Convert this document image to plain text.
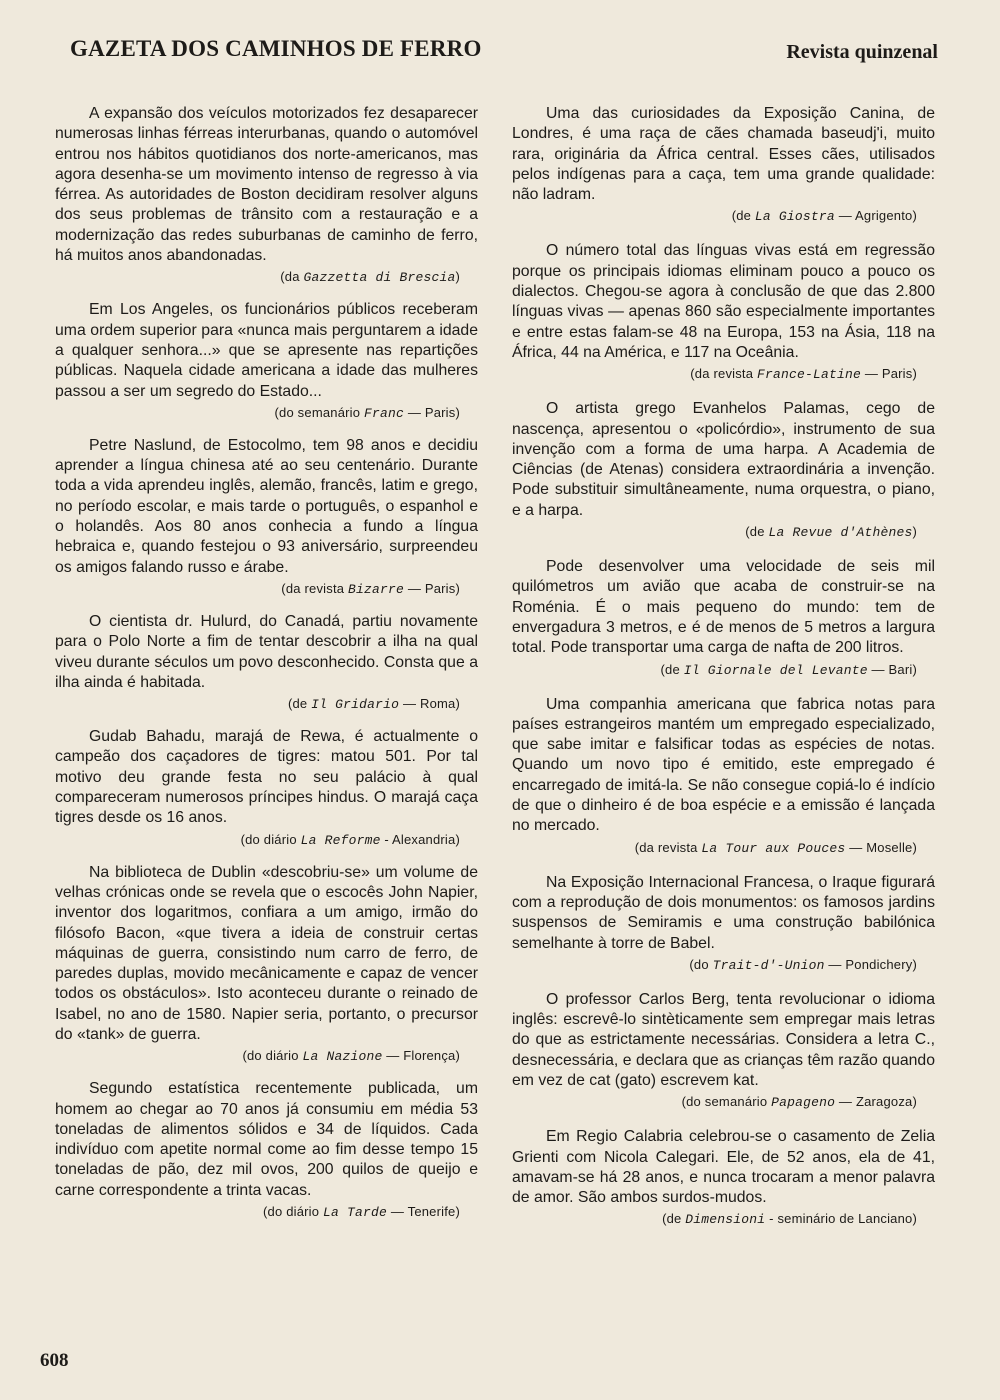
GAZETA DOS CAMINHOS DE FERRO	Revista quinzenal

A expansão dos veículos motorizados fez desaparecer numerosas linhas férreas interurbanas, quando o automóvel entrou nos hábitos quotidianos dos norte-americanos, mas agora desenha-se um movimento intenso de regresso à via férrea. As autoridades de Boston decidiram resolver alguns dos seus problemas de trânsito com a restauração e a modernização das redes suburbanas de caminho de ferro, há muitos anos abandonadas.

(da Gazzetta di Brescia)

Em Los Angeles, os funcionários públicos receberam uma ordem superior para «nunca mais perguntarem a idade a qualquer senhora...» que se apresente nas repartições públicas. Naquela cidade americana a idade das mulheres passou a ser um segredo do Estado...

(do semanário Franc — Paris)

Petre Naslund, de Estocolmo, tem 98 anos e decidiu aprender a língua chinesa até ao seu centenário. Durante toda a vida aprendeu inglês, alemão, francês, latim e grego, no período escolar, e mais tarde o português, o espanhol e o holandês. Aos 80 anos conhecia a fundo a língua hebraica e, quando festejou o 93 aniversário, surpreendeu os amigos falando russo e árabe.

(da revista Bizarre — Paris)

O cientista dr. Hulurd, do Canadá, partiu novamente para o Polo Norte a fim de tentar descobrir a ilha na qual viveu durante séculos um povo desconhecido. Consta que a ilha ainda é habitada.

(de Il Gridario — Roma)

Gudab Bahadu, marajá de Rewa, é actualmente o campeão dos caçadores de tigres: matou 501. Por tal motivo deu grande festa no seu palácio à qual compareceram numerosos príncipes hindus. O marajá caça tigres desde os 16 anos.

(do diário La Reforme - Alexandria)

Na biblioteca de Dublin «descobriu-se» um volume de velhas crónicas onde se revela que o escocês John Napier, inventor dos logaritmos, confiara a um amigo, irmão do filósofo Bacon, «que tivera a ideia de construir certas máquinas de guerra, consistindo num carro de ferro, de paredes duplas, movido mecânicamente e capaz de vencer todos os obstáculos». Isto aconteceu durante o reinado de Isabel, no ano de 1580. Napier seria, portanto, o precursor do «tank» de guerra.

(do diário La Nazione — Florença)

Segundo estatística recentemente publicada, um homem ao chegar ao 70 anos já consumiu em média 53 toneladas de alimentos sólidos e 34 de líquidos. Cada indivíduo com apetite normal come ao fim desse tempo 15 toneladas de pão, dez mil ovos, 200 quilos de queijo e carne correspondente a trinta vacas.

(do diário La Tarde — Tenerife)

Uma das curiosidades da Exposição Canina, de Londres, é uma raça de cães chamada baseudj'i, muito rara, originária da África central. Esses cães, utilisados pelos indígenas para a caça, tem uma grande qualidade: não ladram.

(de La Giostra — Agrigento)

O número total das línguas vivas está em regressão porque os principais idiomas eliminam pouco a pouco os dialectos. Chegou-se agora à conclusão de que das 2.800 línguas vivas — apenas 860 são especialmente importantes e entre estas falam-se 48 na Europa, 153 na Ásia, 118 na África, 44 na América, e 117 na Oceânia.

(da revista France-Latine — Paris)

O artista grego Evanhelos Palamas, cego de nascença, apresentou o «policórdio», instrumento de sua invenção com a forma de uma harpa. A Academia de Ciências (de Atenas) considera extraordinária a invenção. Pode substituir simultâneamente, numa orquestra, o piano, e a harpa.

(de La Revue d'Athènes)

Pode desenvolver uma velocidade de seis mil quilómetros um avião que acaba de construir-se na Roménia. É o mais pequeno do mundo: tem de envergadura 3 metros, e é de menos de 5 metros a largura total. Pode transportar uma carga de nafta de 200 litros.

(de Il Giornale del Levante — Bari)

Uma companhia americana que fabrica notas para países estrangeiros mantém um empregado especializado, que sabe imitar e falsificar todas as espécies de notas. Quando um novo tipo é emitido, este empregado é encarregado de imitá-la. Se não consegue copiá-lo é indício de que o dinheiro é de boa espécie e a emissão é lançada no mercado.

(da revista La Tour aux Pouces — Moselle)

Na Exposição Internacional Francesa, o Iraque figurará com a reprodução de dois monumentos: os famosos jardins suspensos de Semiramis e uma construção babilónica semelhante à torre de Babel.

(do Trait-d'-Union — Pondichery)

O professor Carlos Berg, tenta revolucionar o idioma inglês: escrevê-lo sintèticamente sem empregar mais letras do que as estrictamente necessárias. Considera a letra C., desnecessária, e declara que as crianças têm razão quando em vez de cat (gato) escrevem kat.

(do semanário Papageno — Zaragoza)

Em Regio Calabria celebrou-se o casamento de Zelia Grienti com Nicola Calegari. Ele, de 52 anos, ela de 41, amavam-se há 28 anos, e nunca trocaram a menor palavra de amor. São ambos surdos-mudos.

(de Dimensioni - seminário de Lanciano)
608
